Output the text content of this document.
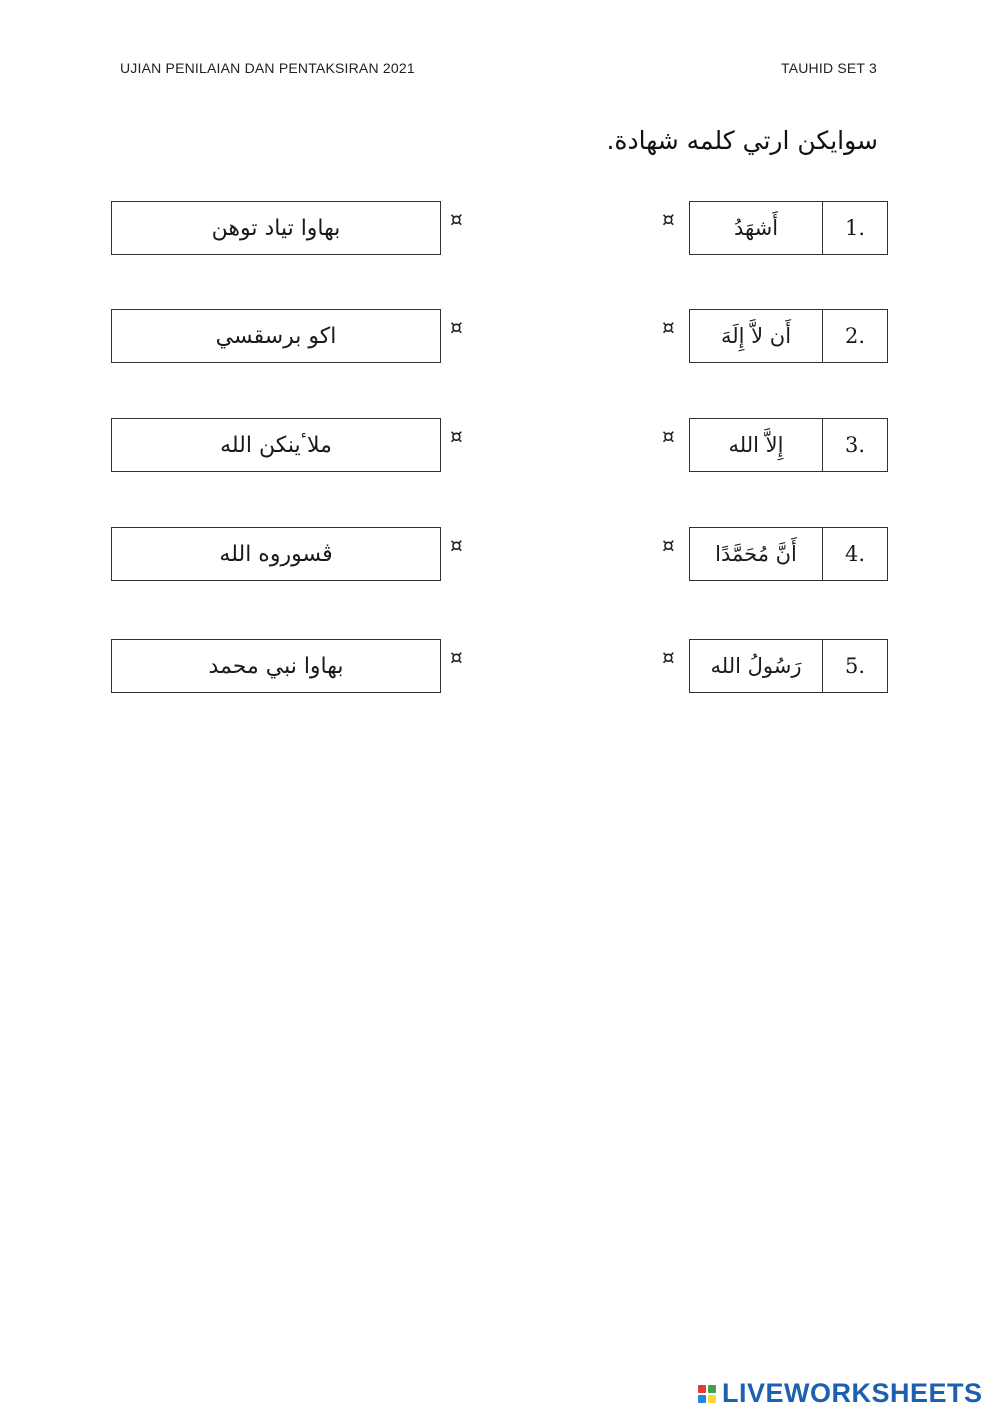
UJIAN PENILAIAN DAN PENTAKSIRAN 2021	TAUHID SET 3
سوايكن ارتي كلمه شهادة.
بهاوا تياد توهن	¤	¤	أَشهَدُ	1.
اكو برسقسي	¤	¤	أَن لاَّ إِلَهَ	2.
ملاٴينكن الله	¤	¤	إِلاَّ الله	3.
ڤسوروه الله	¤	¤	أَنَّ مُحَمَّدًا	4.
بهاوا نبي محمد	¤	¤	رَسُولُ الله	5.
LIVEWORKSHEETS
